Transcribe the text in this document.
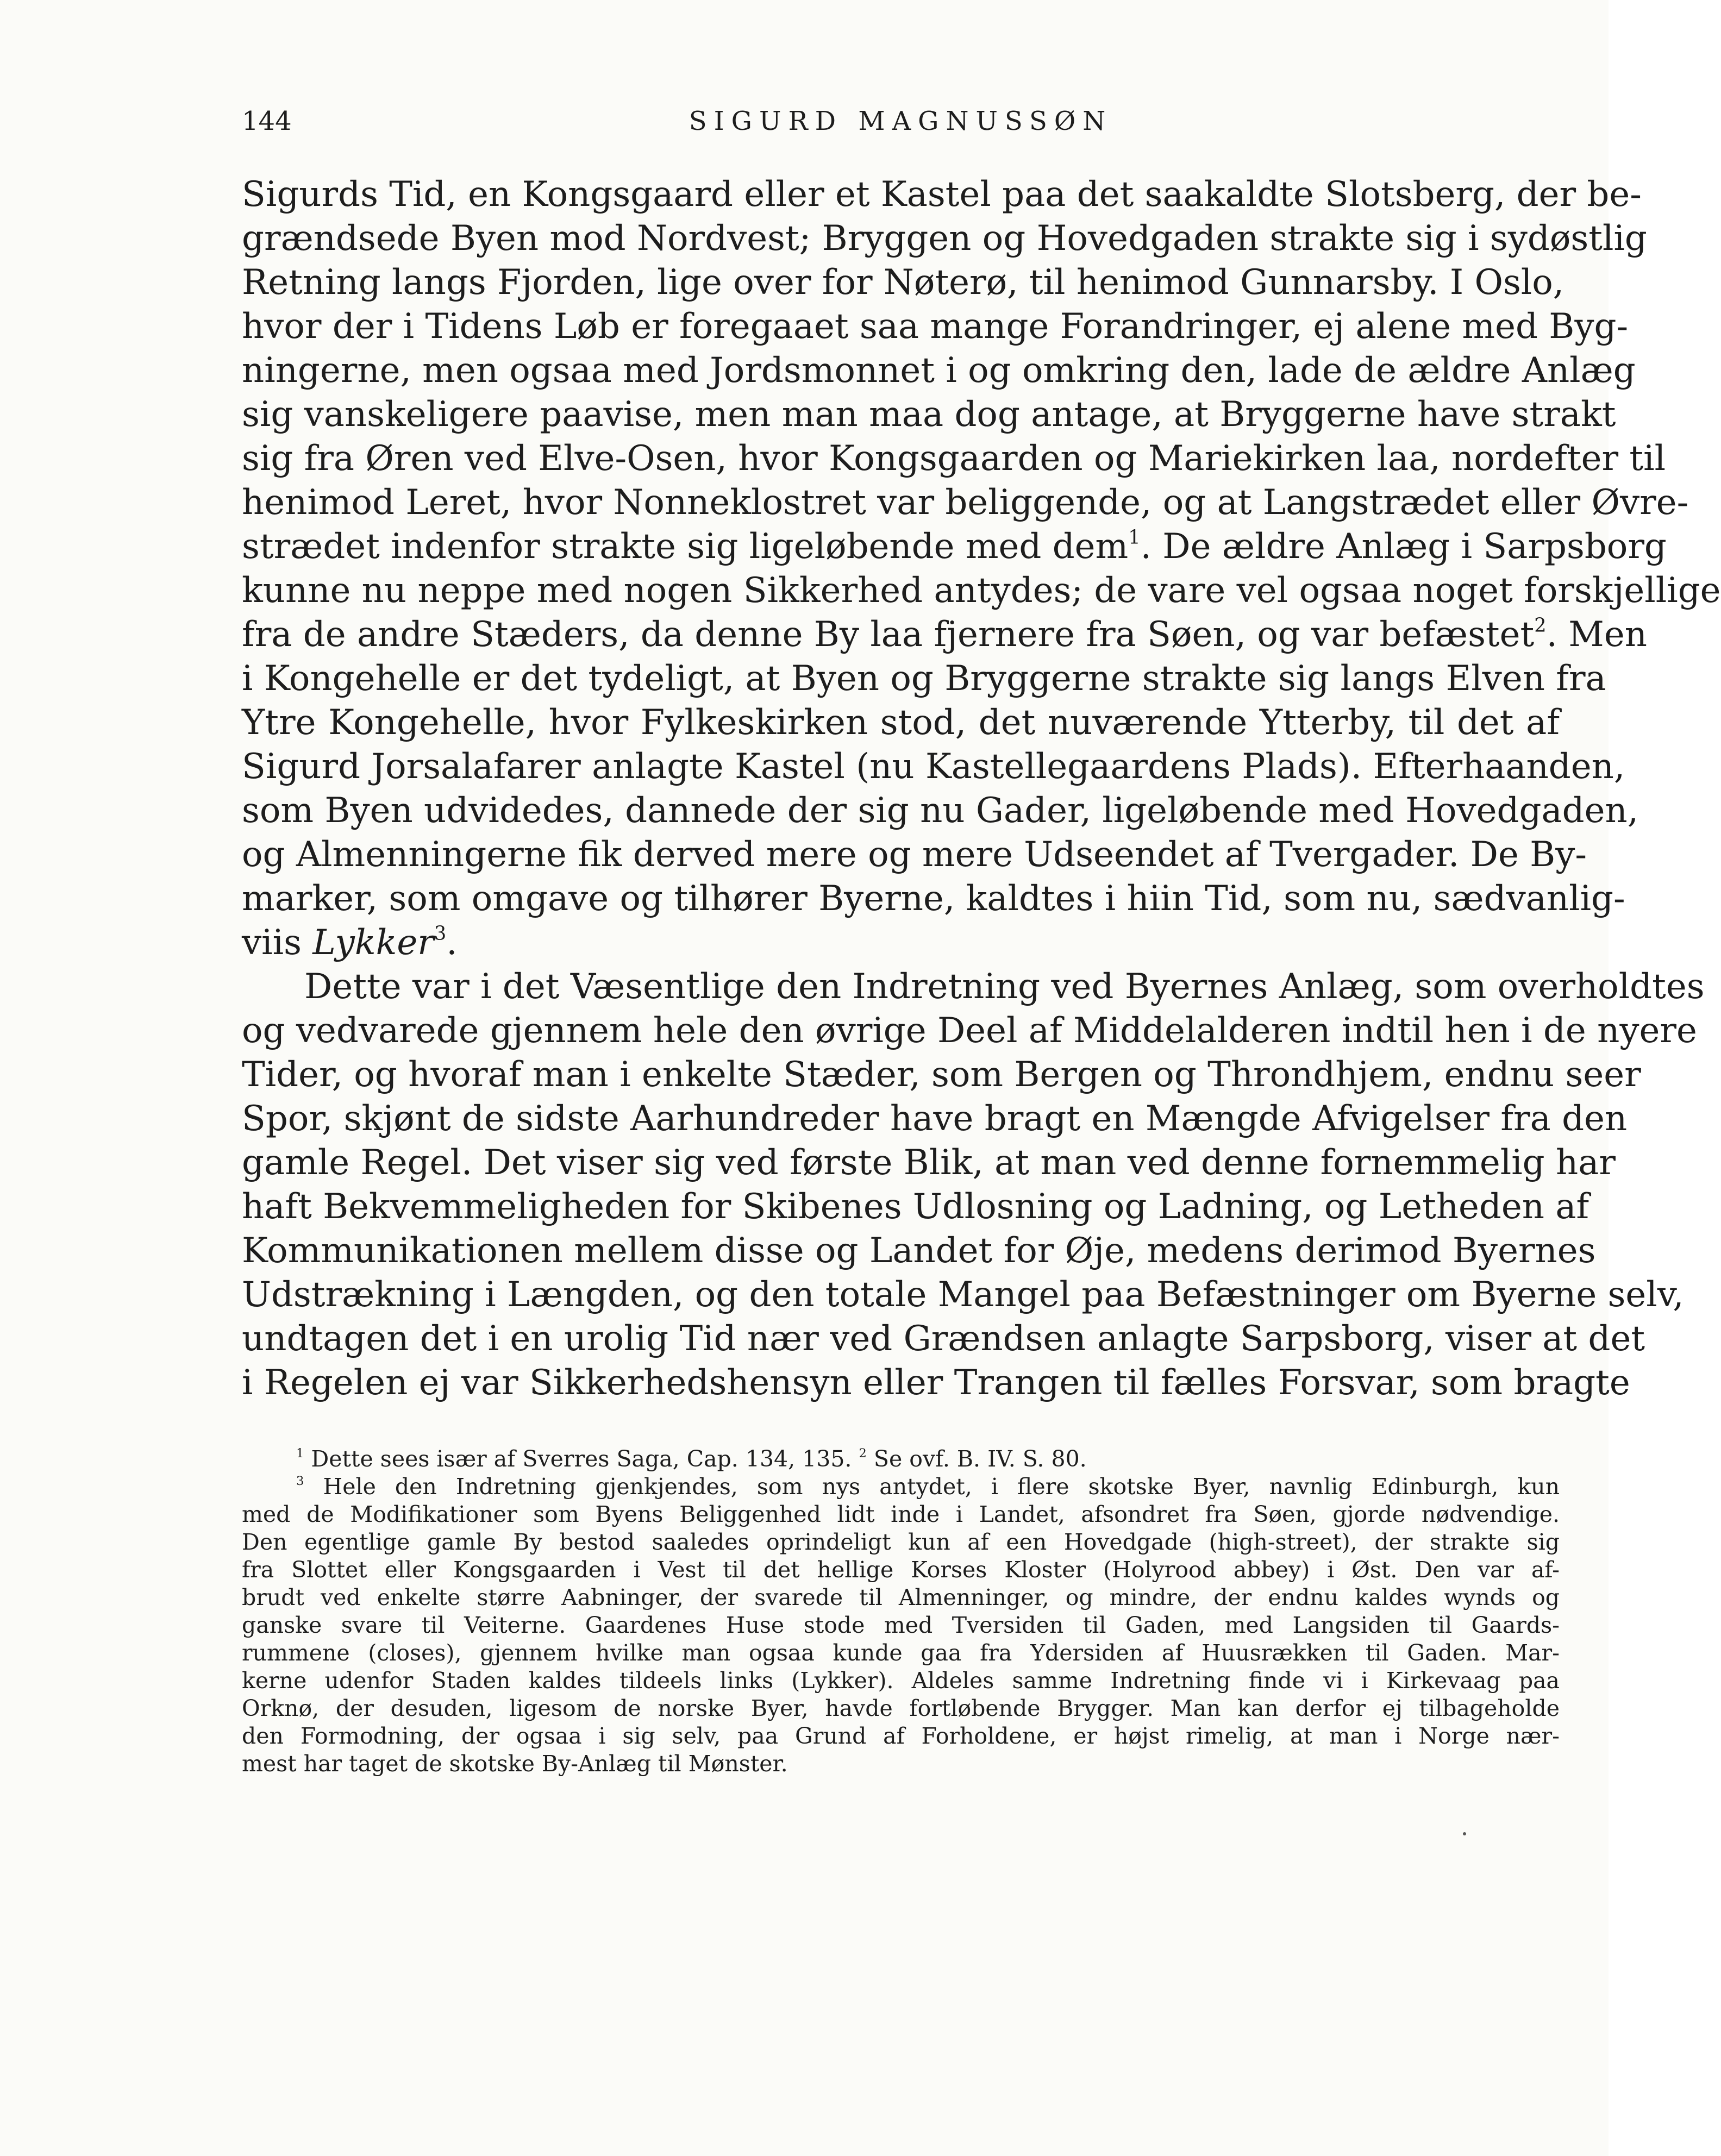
144	SIGURD MAGNUSSØN
Sigurds Tid, en Kongsgaard eller et Kastel paa det saakaldte Slotsberg, der be-
grændsede Byen mod Nordvest; Bryggen og Hovedgaden strakte sig i sydøstlig
Retning langs Fjorden, lige over for Nøterø, til henimod Gunnarsby. I Oslo,
hvor der i Tidens Løb er foregaaet saa mange Forandringer, ej alene med Byg-
ningerne, men ogsaa med Jordsmonnet i og omkring den, lade de ældre Anlæg
sig vanskeligere paavise, men man maa dog antage, at Bryggerne have strakt
sig fra Øren ved Elve-Osen, hvor Kongsgaarden og Mariekirken laa, nordefter til
henimod Leret, hvor Nonneklostret var beliggende, og at Langstrædet eller Øvre-
strædet indenfor strakte sig ligeløbende med dem$^1$. De ældre Anlæg i Sarpsborg
kunne nu neppe med nogen Sikkerhed antydes; de vare vel ogsaa noget forskjellige
fra de andre Stæders, da denne By laa fjernere fra Søen, og var befæstet$^2$. Men
i Kongehelle er det tydeligt, at Byen og Bryggerne strakte sig langs Elven fra
Ytre Kongehelle, hvor Fylkeskirken stod, det nuværende Ytterby, til det af
Sigurd Jorsalafarer anlagte Kastel (nu Kastellegaardens Plads). Efterhaanden,
som Byen udvidedes, dannede der sig nu Gader, ligeløbende med Hovedgaden,
og Almenningerne fik derved mere og mere Udseendet af Tvergader. De By-
marker, som omgave og tilhører Byerne, kaldtes i hiin Tid, som nu, sædvanlig-
viis Lykker$^3$.
Dette var i det Væsentlige den Indretning ved Byernes Anlæg, som overholdtes
og vedvarede gjennem hele den øvrige Deel af Middelalderen indtil hen i de nyere
Tider, og hvoraf man i enkelte Stæder, som Bergen og Throndhjem, endnu seer
Spor, skjønt de sidste Aarhundreder have bragt en Mængde Afvigelser fra den
gamle Regel. Det viser sig ved første Blik, at man ved denne fornemmelig har
haft Bekvemmeligheden for Skibenes Udlosning og Ladning, og Letheden af
Kommunikationen mellem disse og Landet for Øje, medens derimod Byernes
Udstrækning i Længden, og den totale Mangel paa Befæstninger om Byerne selv,
undtagen det i en urolig Tid nær ved Grændsen anlagte Sarpsborg, viser at det
i Regelen ej var Sikkerhedshensyn eller Trangen til fælles Forsvar, som bragte
$^1$ Dette sees især af Sverres Saga, Cap. 134, 135. $^2$ Se ovf. B. IV. S. 80.
$^3$ Hele den Indretning gjenkjendes, som nys antydet, i flere skotske Byer, navnlig Edinburgh, kun
med de Modifikationer som Byens Beliggenhed lidt inde i Landet, afsondret fra Søen, gjorde nødvendige.
Den egentlige gamle By bestod saaledes oprindeligt kun af een Hovedgade (high-street), der strakte sig
fra Slottet eller Kongsgaarden i Vest til det hellige Korses Kloster (Holyrood abbey) i Øst. Den var af-
brudt ved enkelte større Aabninger, der svarede til Almenninger, og mindre, der endnu kaldes wynds og
ganske svare til Veiterne. Gaardenes Huse stode med Tversiden til Gaden, med Langsiden til Gaards-
rummene (closes), gjennem hvilke man ogsaa kunde gaa fra Ydersiden af Huusrækken til Gaden. Mar-
kerne udenfor Staden kaldes tildeels links (Lykker). Aldeles samme Indretning finde vi i Kirkevaag paa
Orknø, der desuden, ligesom de norske Byer, havde fortløbende Brygger. Man kan derfor ej tilbageholde
den Formodning, der ogsaa i sig selv, paa Grund af Forholdene, er højst rimelig, at man i Norge nær-
mest har taget de skotske By-Anlæg til Mønster.
